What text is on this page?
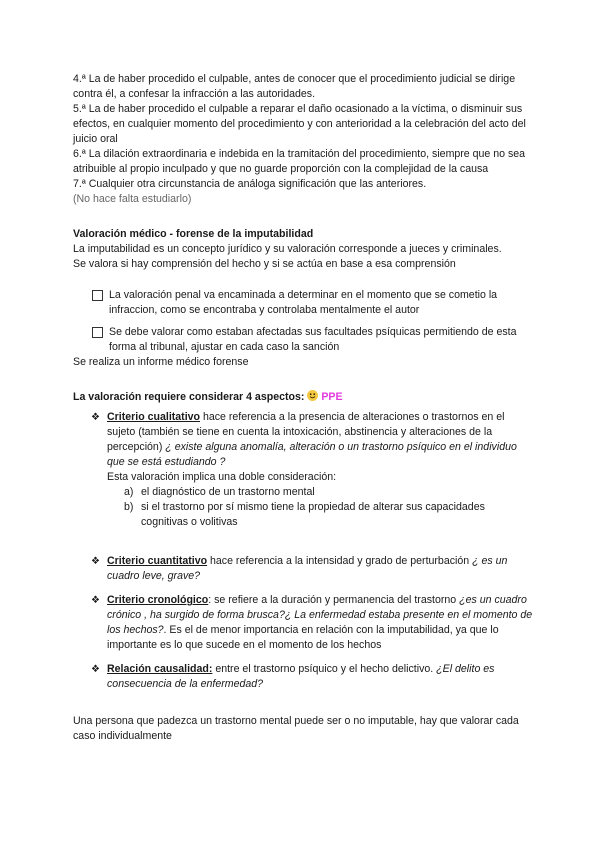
4.ª La de haber procedido el culpable, antes de conocer que el procedimiento judicial se dirige contra él, a confesar la infracción a las autoridades.

5.ª La de haber procedido el culpable a reparar el daño ocasionado a la víctima, o disminuir sus efectos, en cualquier momento del procedimiento y con anterioridad a la celebración del acto del juicio oral

6.ª La dilación extraordinaria e indebida en la tramitación del procedimiento, siempre que no sea atribuible al propio inculpado y que no guarde proporción con la complejidad de la causa

7.ª Cualquier otra circunstancia de análoga significación que las anteriores.

(No hace falta estudiarlo)

Valoración médico - forense de la imputabilidad

La imputabilidad es un concepto jurídico y su valoración corresponde a jueces y criminales.

Se valora si hay comprensión del hecho y si se actúa en base a esa comprensión

La valoración penal va encaminada a determinar en el momento que se cometio la infraccion, como se encontraba y controlaba mentalmente el autor

Se debe valorar como estaban afectadas sus facultades psíquicas permitiendo de esta forma al tribunal, ajustar en cada caso la sanción

Se realiza un informe médico forense

La valoración requiere considerar 4 aspectos: PPE

❖ Criterio cualitativo hace referencia a la presencia de alteraciones o trastornos en el sujeto (también se tiene en cuenta la intoxicación, abstinencia y alteraciones de la percepción) ¿ existe alguna anomalía, alteración o un trastorno psíquico en el individuo que se está estudiando ?

Esta valoración implica una doble consideración:

a) el diagnóstico de un trastorno mental

b) si el trastorno por sí mismo tiene la propiedad de alterar sus capacidades cognitivas o volitivas

❖ Criterio cuantitativo hace referencia a la intensidad y grado de perturbación ¿ es un cuadro leve, grave?

❖ Criterio cronológico: se refiere a la duración y permanencia del trastorno ¿es un cuadro crónico , ha surgido de forma brusca?¿ La enfermedad estaba presente en el momento de los hechos?. Es el de menor importancia en relación con la imputabilidad, ya que lo importante es lo que sucede en el momento de los hechos

❖ Relación causalidad: entre el trastorno psíquico y el hecho delictivo. ¿El delito es consecuencia de la enfermedad?

Una persona que padezca un trastorno mental puede ser o no imputable, hay que valorar cada caso individualmente
